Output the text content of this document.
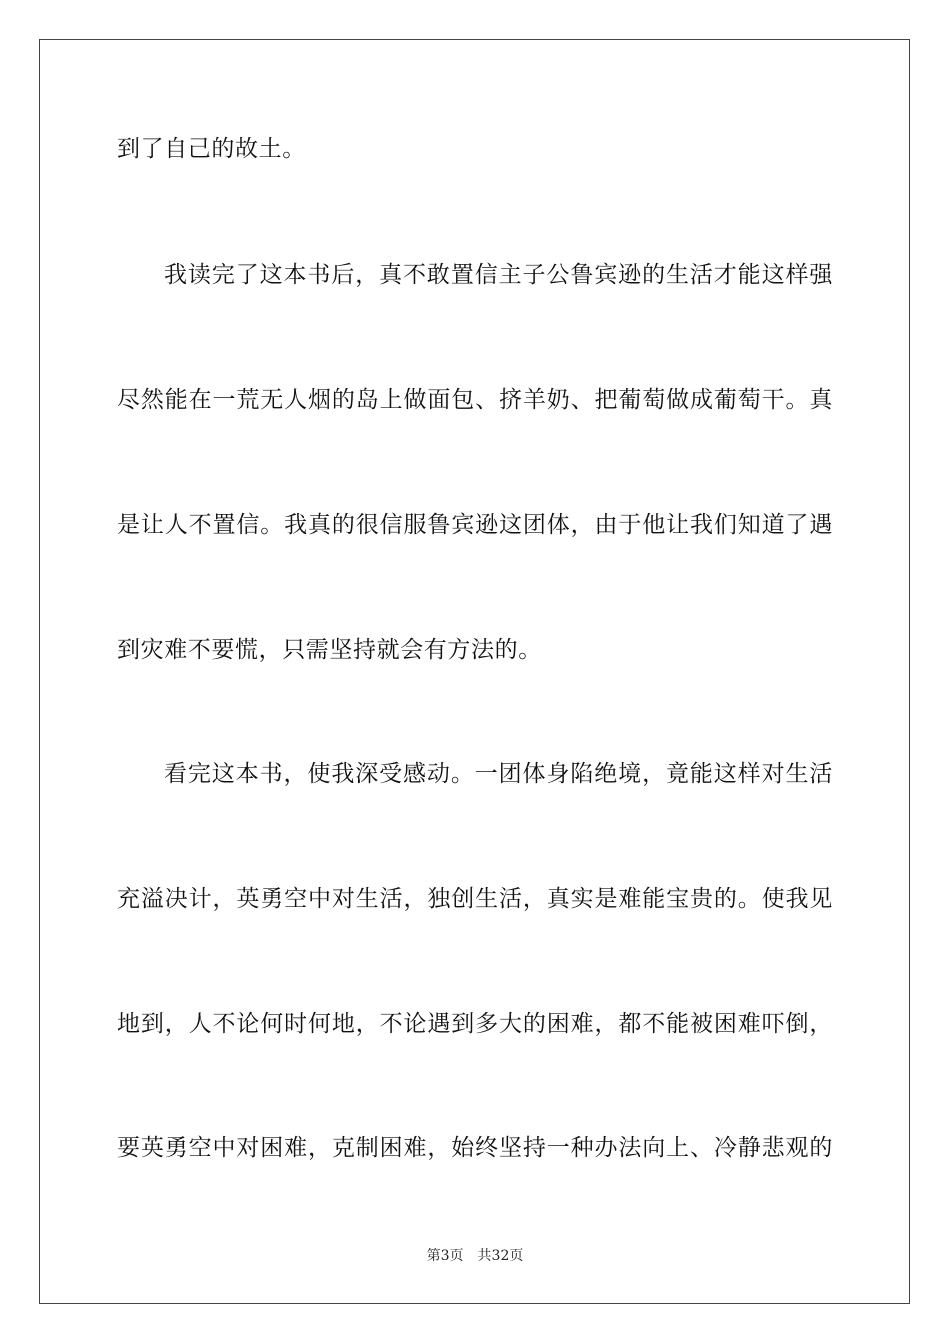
到了自己的故土。
我读完了这本书后，真不敢置信主子公鲁宾逊的生活才能这样强
尽然能在一荒无人烟的岛上做面包、挤羊奶、把葡萄做成葡萄干。真
是让人不置信。我真的很信服鲁宾逊这团体，由于他让我们知道了遇
到灾难不要慌，只需坚持就会有方法的。
看完这本书，使我深受感动。一团体身陷绝境，竟能这样对生活
充溢决计，英勇空中对生活，独创生活，真实是难能宝贵的。使我见
地到，人不论何时何地，不论遇到多大的困难，都不能被困难吓倒，
要英勇空中对困难，克制困难，始终坚持一种办法向上、冷静悲观的
第3页 共32页
